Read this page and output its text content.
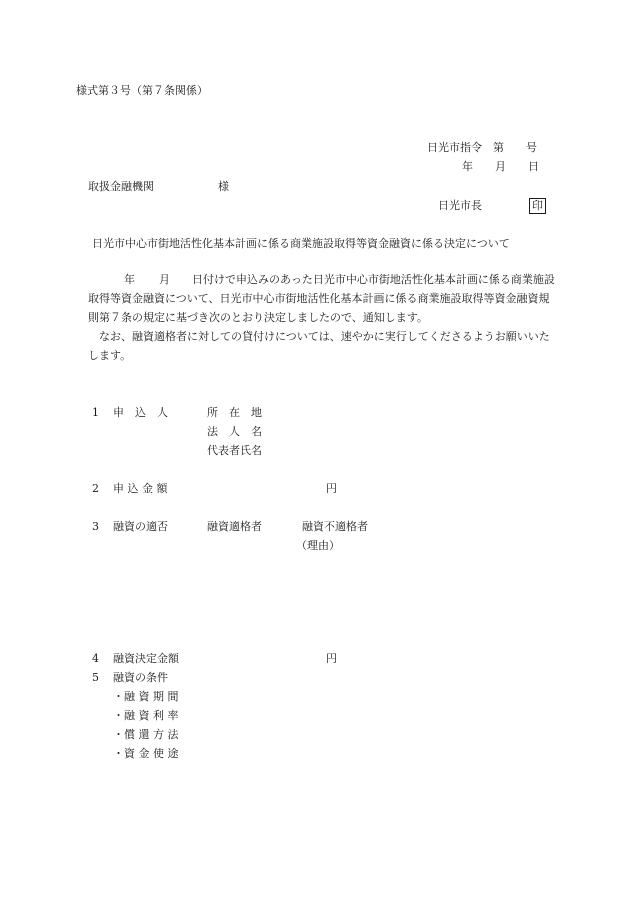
様式第３号（第７条関係）
日光市指令　第　　号
年　　月　　日
取扱金融機関	様
日光市長	印
日光市中心市街地活性化基本計画に係る商業施設取得等資金融資に係る決定について
年 月 日付けで申込みのあった日光市中心市街地活性化基本計画に係る商業施設取得等資金融資について、日光市中心市街地活性化基本計画に係る商業施設取得等資金融資規則第７条の規定に基づき次のとおり決定しましたので、通知します。
なお、融資適格者に対しての貸付けについては、速やかに実行してくださるようお願いいたします。
1 申　込　人	所　在　地
法　人　名
代表者氏名
2 申 込 金 額	円
3 融資の適否	融資適格者	融資不適格者
（理由）
4 融資決定金額	円
5 融資の条件
・融 資 期 間
・融 資 利 率
・償 還 方 法
・資 金 使 途
